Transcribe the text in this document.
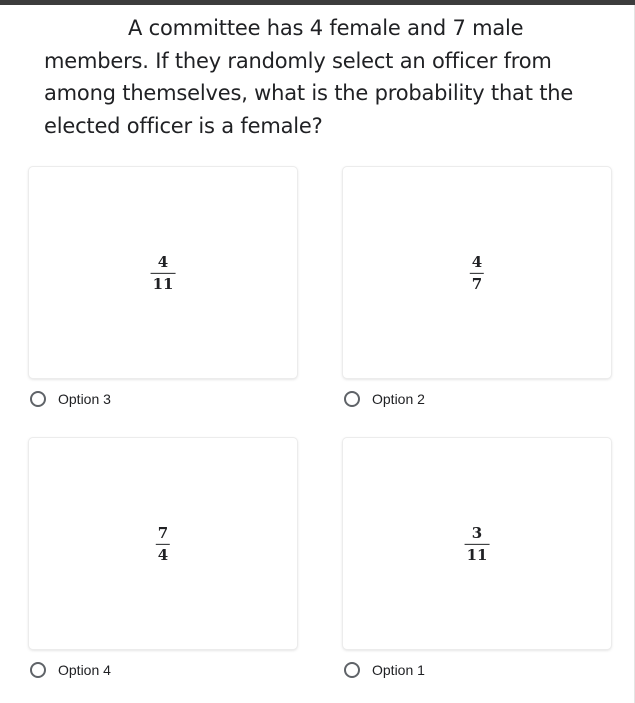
A committee has 4 female and 7 male members. If they randomly select an officer from among themselves, what is the probability that the elected officer is a female?

4
11
Option 3
4
7
Option 2
7
4
Option 4
3
11
Option 1
